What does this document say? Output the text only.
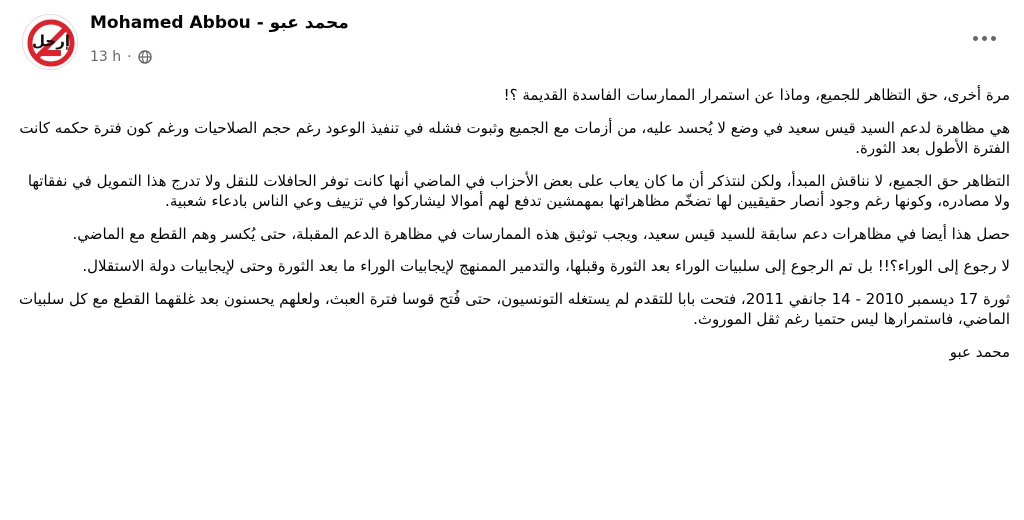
إرحل
Mohamed Abbou - محمد عبو
13 h ·

مرة أخرى، حق التظاهر للجميع، وماذا عن استمرار الممارسات الفاسدة القديمة ؟!

هي مظاهرة لدعم السيد قيس سعيد في وضع لا يُحسد عليه، من أزمات مع الجميع وثبوت فشله في تنفيذ الوعود رغم حجم الصلاحيات ورغم كون فترة حكمه كانت الفترة الأطول بعد الثورة.

التظاهر حق الجميع، لا نناقش المبدأ، ولكن لنتذكر أن ما كان يعاب على بعض الأحزاب في الماضي أنها كانت توفر الحافلات للنقل ولا تدرج هذا التمويل في نفقاتها ولا مصادره، وكونها رغم وجود أنصار حقيقيين لها تضخّم مظاهراتها بمهمشين تدفع لهم أموالا ليشاركوا في تزييف وعي الناس بادعاء شعبية.

حصل هذا أيضا في مظاهرات دعم سابقة للسيد قيس سعيد، ويجب توثيق هذه الممارسات في مظاهرة الدعم المقبلة، حتى يُكسر وهم القطع مع الماضي.

لا رجوع إلى الوراء؟!! بل تم الرجوع إلى سلبيات الوراء بعد الثورة وقبلها، والتدمير الممنهج لإيجابيات الوراء ما بعد الثورة وحتى لإيجابيات دولة الاستقلال.

ثورة 17 ديسمبر 2010 - 14 جانفي 2011، فتحت بابا للتقدم لم يستغله التونسيون، حتى فُتح قوسا فترة العبث، ولعلهم يحسنون بعد غلقهما القطع مع كل سلبيات الماضي، فاستمرارها ليس حتميا رغم ثقل الموروث.

محمد عبو
